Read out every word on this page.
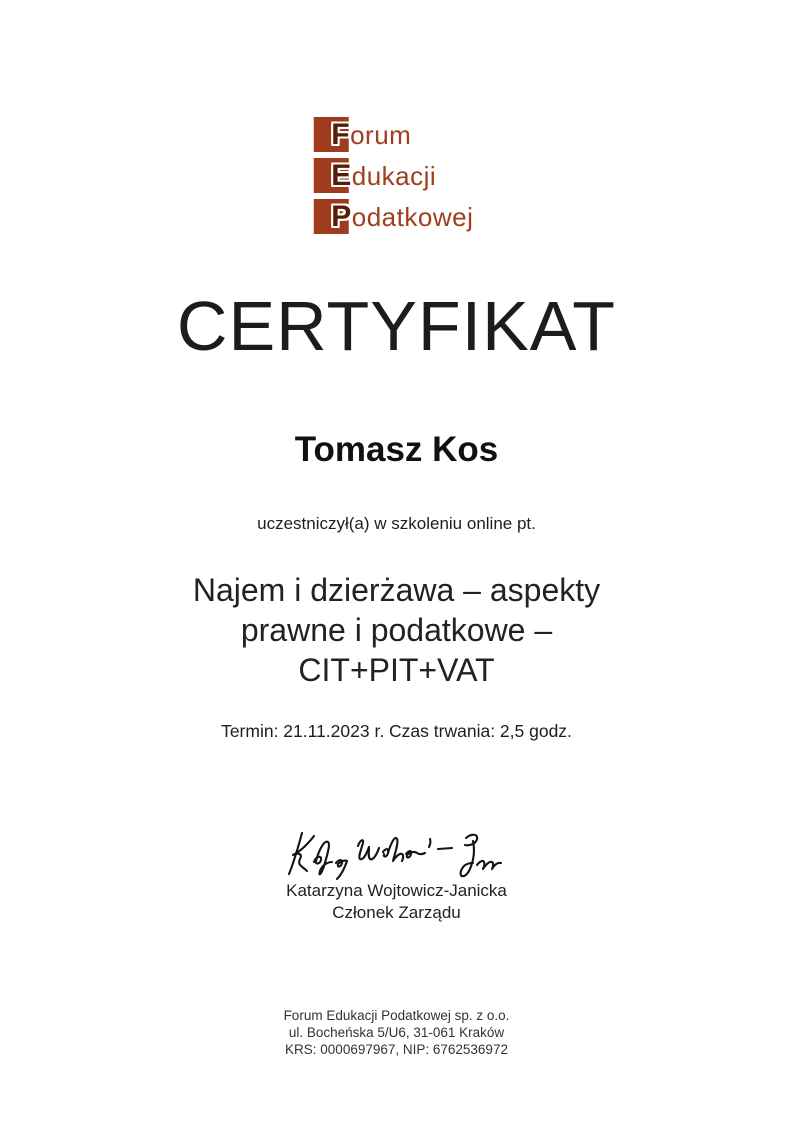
Forum
Edukacji
Podatkowej
CERTYFIKAT
Tomasz Kos
uczestniczył(a) w szkoleniu online pt.
Najem i dzierżawa – aspekty
prawne i podatkowe –
CIT+PIT+VAT
Termin: 21.11.2023 r. Czas trwania: 2,5 godz.
Katarzyna Wojtowicz-Janicka
Członek Zarządu
Forum Edukacji Podatkowej sp. z o.o.
ul. Bocheńska 5/U6, 31-061 Kraków
KRS: 0000697967, NIP: 6762536972
